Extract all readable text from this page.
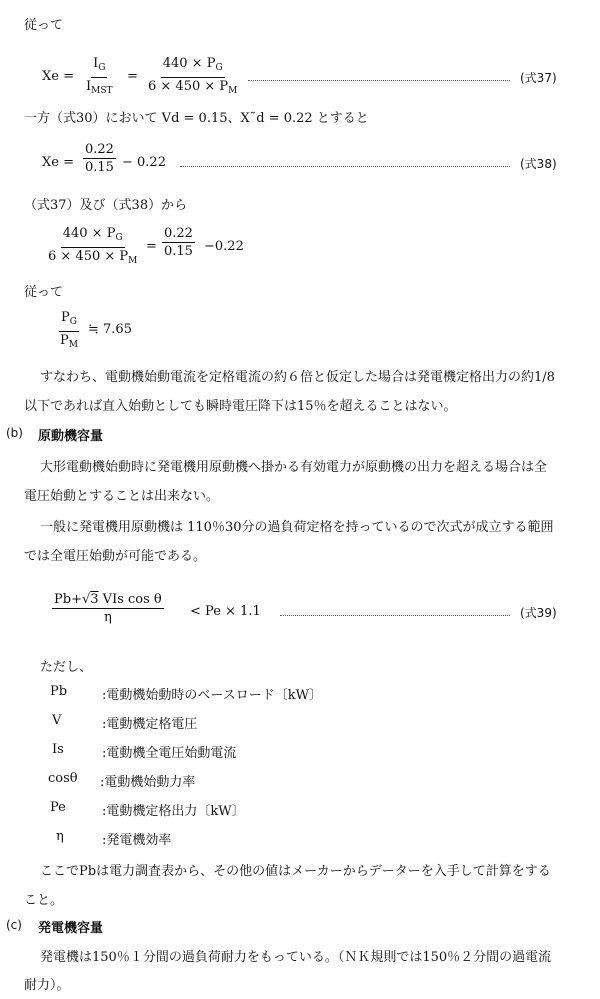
従って
Xe =
$I_G$
$I_{MST}$
= $\frac{440 \times P_G}{6 \times 450 \times P_M}$	(式37)
一方（式30）において Vd = 0.15、X˜d = 0.22 とすると
$Xe = \frac{0.22}{0.15} - 0.22$	(式38)
（式37）及び（式38）から
$\frac{440 \times P_G}{6 \times 450 \times P_M} = \frac{0.22}{0.15} -0.22$
従って
$\frac{P_G}{P_M}$ ≒ 7.65
すなわち、電動機始動電流を定格電流の約６倍と仮定した場合は発電機定格出力の約1/8
以下であれば直入始動としても瞬時電圧降下は15％を超えることはない。
(b) 原動機容量
大形電動機始動時に発電機用原動機へ掛かる有効電力が原動機の出力を超える場合は全
電圧始動とすることは出来ない。
一般に発電機用原動機は 110％30分の過負荷定格を持っているので次式が成立する範囲
では全電圧始動が可能である。
Pb+√3 VIs cos θ
η	< Pe × 1.1	(式39)
ただし、
Pb	:電動機始動時のベースロード〔kW〕
V	:電動機定格電圧
Is	:電動機全電圧始動電流
cosθ :電動機始動力率
Pe	:電動機定格出力〔kW〕
η	:発電機効率
ここでPbは電力調査表から、その他の値はメーカーからデーターを入手して計算をする
こと。
(c) 発電機容量
発電機は150％１分間の過負荷耐力をもっている。（ＮＫ規則では150％２分間の過電流
耐力）。
